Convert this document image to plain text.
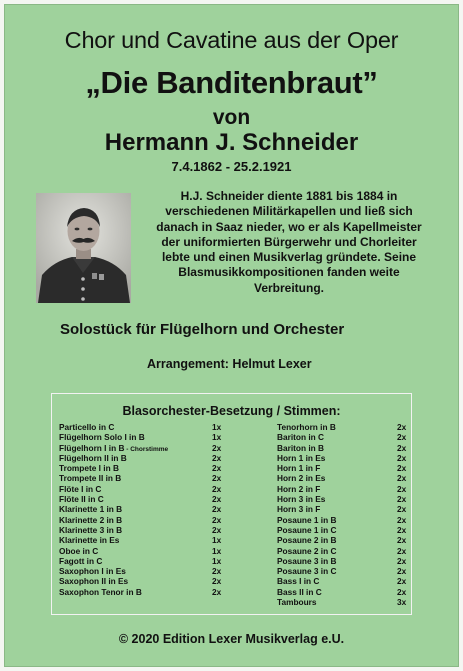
Chor und Cavatine aus der Oper
„Die Banditenbraut”
von
Hermann J. Schneider
7.4.1862 - 25.2.1921
H.J. Schneider diente 1881 bis 1884 in
verschiedenen Militärkapellen und ließ sich
danach in Saaz nieder, wo er als Kapellmeister
der uniformierten Bürgerwehr und Chorleiter
lebte und einen Musikverlag gründete. Seine
Blasmusikkompositionen fanden weite
Verbreitung.
Solostück für Flügelhorn und Orchester
Arrangement: Helmut Lexer
Blasorchester-Besetzung / Stimmen:
Particello in C	1x
Flügelhorn Solo I in B	1x
Flügelhorn I in B - Chorstimme	2x
Flügelhorn II in B	2x
Trompete I in B	2x
Trompete II in B	2x
Flöte I in C	2x
Flöte II in C	2x
Klarinette 1 in B	2x
Klarinette 2 in B	2x
Klarinette 3 in B	2x
Klarinette in Es	1x
Oboe in C	1x
Fagott in C	1x
Saxophon I in Es	2x
Saxophon II in Es	2x
Saxophon Tenor in B	2x
Tenorhorn in B	2x
Bariton in C	2x
Bariton in B	2x
Horn 1 in Es	2x
Horn 1 in F	2x
Horn 2 in Es	2x
Horn 2 in F	2x
Horn 3 in Es	2x
Horn 3 in F	2x
Posaune 1 in B	2x
Posaune 1 in C	2x
Posaune 2 in B	2x
Posaune 2 in C	2x
Posaune 3 in B	2x
Posaune 3 in C	2x
Bass I in C	2x
Bass II in C	2x
Tambours	3x
© 2020 Edition Lexer Musikverlag e.U.
